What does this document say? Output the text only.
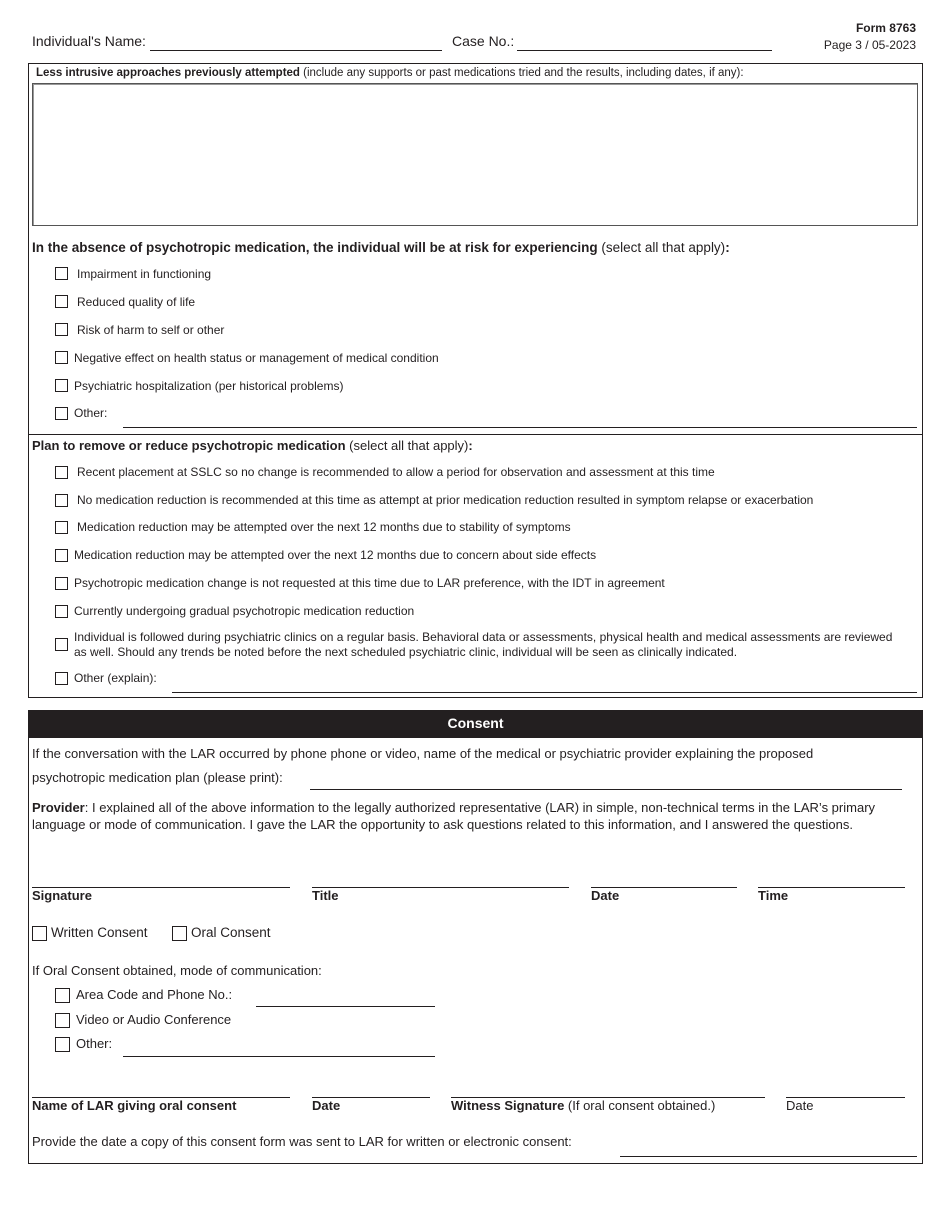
Individual's Name:	Case No.:
Form 8763
Page 3 / 05-2023
Less intrusive approaches previously attempted (include any supports or past medications tried and the results, including dates, if any):
In the absence of psychotropic medication, the individual will be at risk for experiencing (select all that apply):
Impairment in functioning
Reduced quality of life
Risk of harm to self or other
Negative effect on health status or management of medical condition
Psychiatric hospitalization (per historical problems)
Other:
Plan to remove or reduce psychotropic medication (select all that apply):
Recent placement at SSLC so no change is recommended to allow a period for observation and assessment at this time
No medication reduction is recommended at this time as attempt at prior medication reduction resulted in symptom relapse or exacerbation
Medication reduction may be attempted over the next 12 months due to stability of symptoms
Medication reduction may be attempted over the next 12 months due to concern about side effects
Psychotropic medication change is not requested at this time due to LAR preference, with the IDT in agreement
Currently undergoing gradual psychotropic medication reduction
Individual is followed during psychiatric clinics on a regular basis. Behavioral data or assessments, physical health and medical assessments are reviewed as well. Should any trends be noted before the next scheduled psychiatric clinic, individual will be seen as clinically indicated.
Other (explain):
Consent
If the conversation with the LAR occurred by phone phone or video, name of the medical or psychiatric provider explaining the proposed
psychotropic medication plan (please print):
Provider: I explained all of the above information to the legally authorized representative (LAR) in simple, non-technical terms in the LAR’s primary language or mode of communication. I gave the LAR the opportunity to ask questions related to this information, and I answered the questions.
Signature	Title	Date	Time
Written Consent	Oral Consent
If Oral Consent obtained, mode of communication:
Area Code and Phone No.:
Video or Audio Conference
Other:
Name of LAR giving oral consent	Date	Witness Signature (If oral consent obtained.)	Date
Provide the date a copy of this consent form was sent to LAR for written or electronic consent:
